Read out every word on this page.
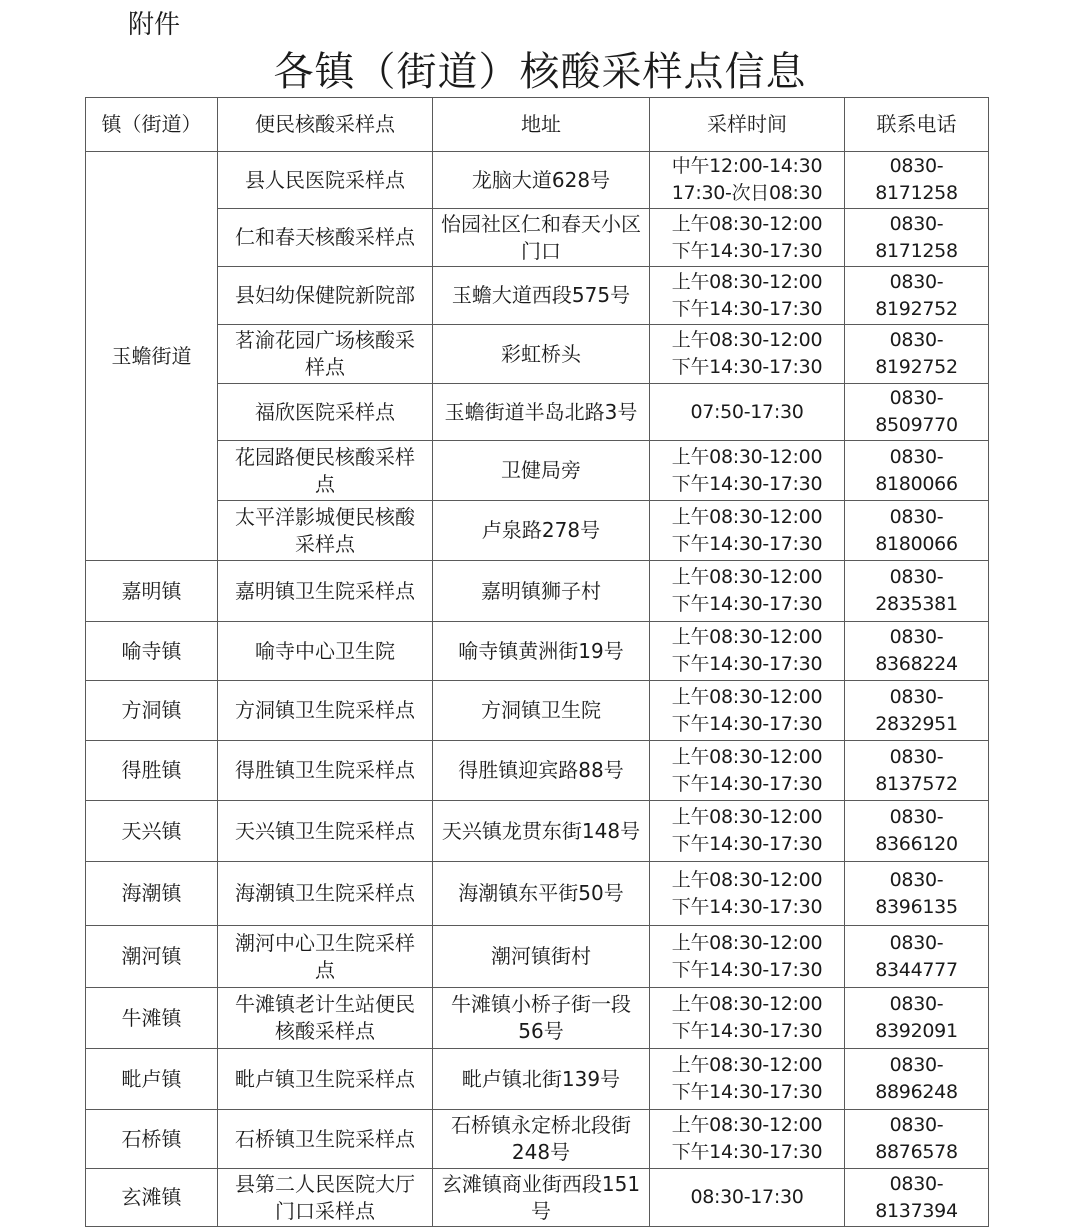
附件
各镇（街道）核酸采样点信息
镇（街道）	便民核酸采样点	地址	采样时间	联系电话
玉蟾街道	县人民医院采样点	龙脑大道628号	中午12:00-14:30
17:30-次日08:30	0830-8171258
	仁和春天核酸采样点	怡园社区仁和春天小区门口	上午08:30-12:00
下午14:30-17:30	0830-8171258
	县妇幼保健院新院部	玉蟾大道西段575号	上午08:30-12:00
下午14:30-17:30	0830-8192752
	茗渝花园广场核酸采样点	彩虹桥头	上午08:30-12:00
下午14:30-17:30	0830-8192752
	福欣医院采样点	玉蟾街道半岛北路3号	07:50-17:30	0830-8509770
	花园路便民核酸采样点	卫健局旁	上午08:30-12:00
下午14:30-17:30	0830-8180066
	太平洋影城便民核酸采样点	卢泉路278号	上午08:30-12:00
下午14:30-17:30	0830-8180066
嘉明镇	嘉明镇卫生院采样点	嘉明镇狮子村	上午08:30-12:00
下午14:30-17:30	0830-2835381
喻寺镇	喻寺中心卫生院	喻寺镇黄洲街19号	上午08:30-12:00
下午14:30-17:30	0830-8368224
方洞镇	方洞镇卫生院采样点	方洞镇卫生院	上午08:30-12:00
下午14:30-17:30	0830-2832951
得胜镇	得胜镇卫生院采样点	得胜镇迎宾路88号	上午08:30-12:00
下午14:30-17:30	0830-8137572
天兴镇	天兴镇卫生院采样点	天兴镇龙贯东街148号	上午08:30-12:00
下午14:30-17:30	0830-8366120
海潮镇	海潮镇卫生院采样点	海潮镇东平街50号	上午08:30-12:00
下午14:30-17:30	0830-8396135
潮河镇	潮河中心卫生院采样点	潮河镇街村	上午08:30-12:00
下午14:30-17:30	0830-8344777
牛滩镇	牛滩镇老计生站便民核酸采样点	牛滩镇小桥子街一段56号	上午08:30-12:00
下午14:30-17:30	0830-8392091
毗卢镇	毗卢镇卫生院采样点	毗卢镇北街139号	上午08:30-12:00
下午14:30-17:30	0830-8896248
石桥镇	石桥镇卫生院采样点	石桥镇永定桥北段街248号	上午08:30-12:00
下午14:30-17:30	0830-8876578
玄滩镇	县第二人民医院大厅门口采样点	玄滩镇商业街西段151号	08:30-17:30	0830-8137394
